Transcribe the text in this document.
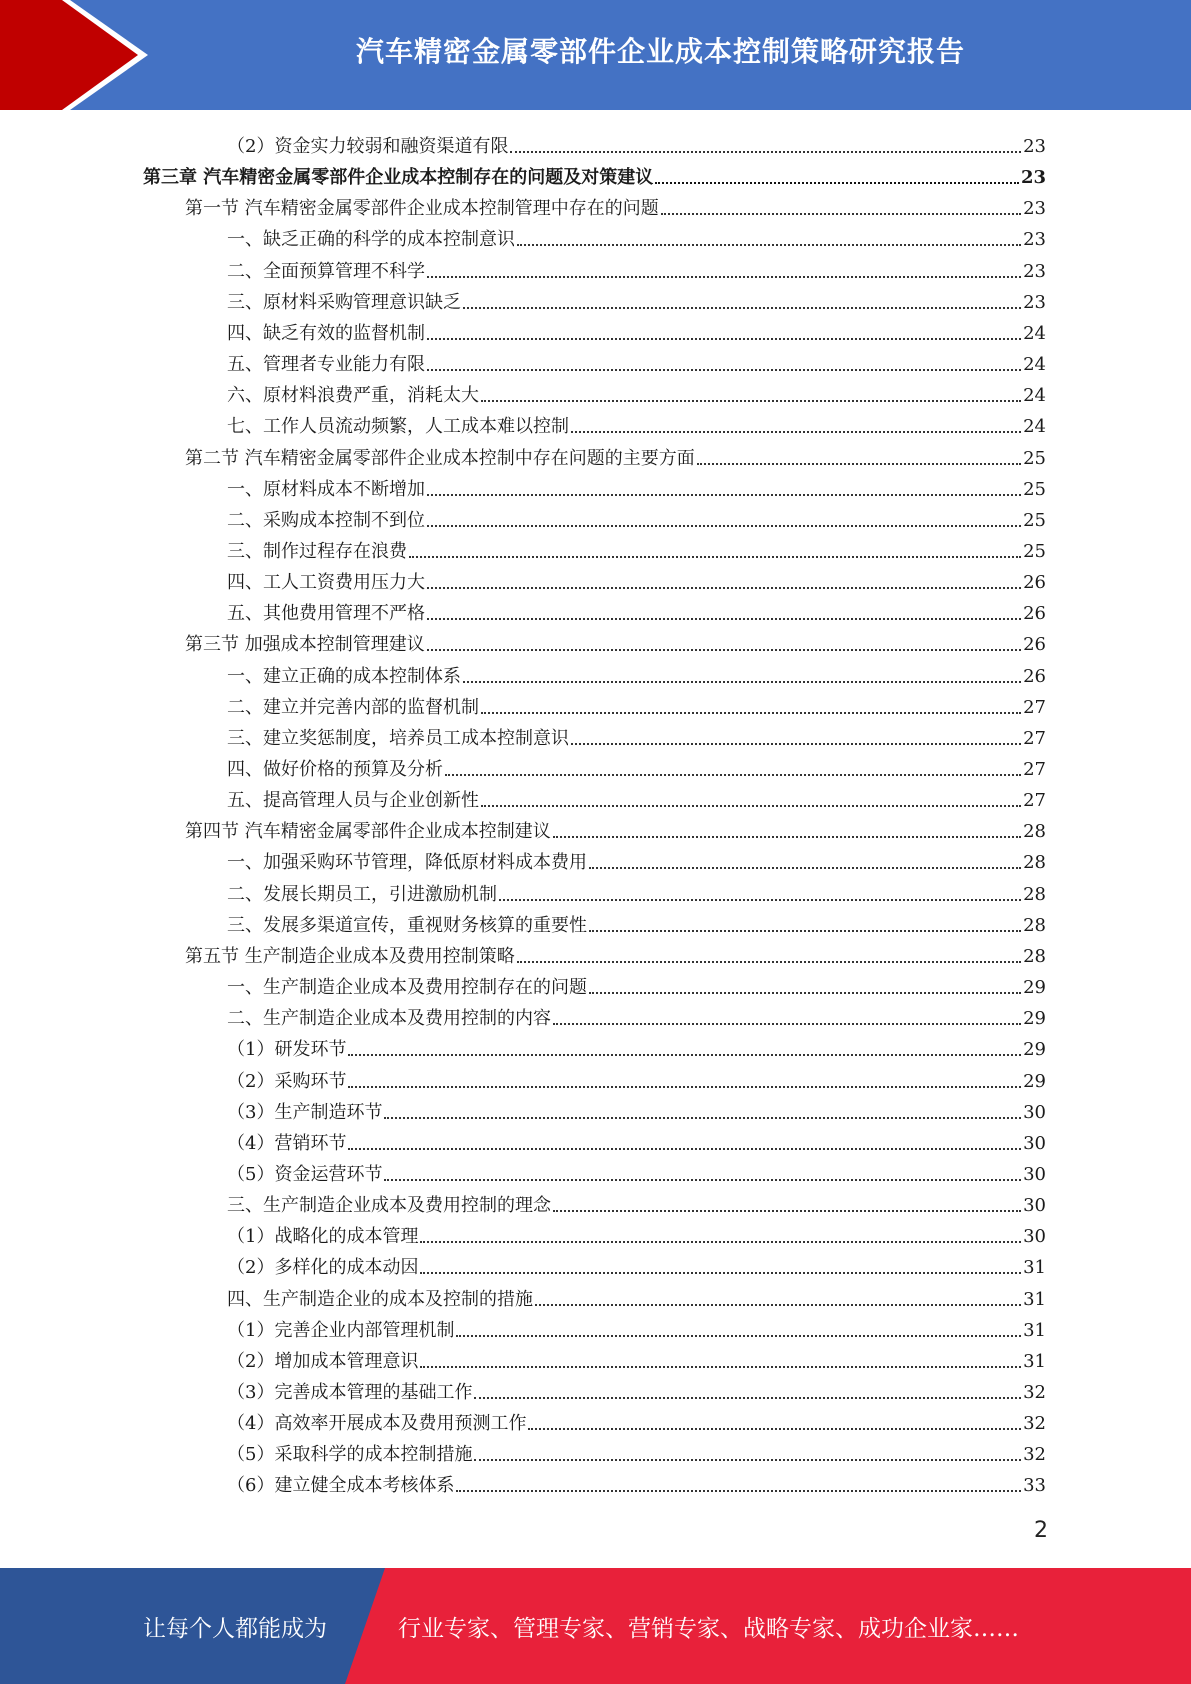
汽车精密金属零部件企业成本控制策略研究报告
（2）资金实力较弱和融资渠道有限	23
第三章 汽车精密金属零部件企业成本控制存在的问题及对策建议	23
第一节 汽车精密金属零部件企业成本控制管理中存在的问题	23
一、缺乏正确的科学的成本控制意识	23
二、全面预算管理不科学	23
三、原材料采购管理意识缺乏	23
四、缺乏有效的监督机制	24
五、管理者专业能力有限	24
六、原材料浪费严重，消耗太大	24
七、工作人员流动频繁，人工成本难以控制	24
第二节 汽车精密金属零部件企业成本控制中存在问题的主要方面	25
一、原材料成本不断增加	25
二、采购成本控制不到位	25
三、制作过程存在浪费	25
四、工人工资费用压力大	26
五、其他费用管理不严格	26
第三节 加强成本控制管理建议	26
一、建立正确的成本控制体系	26
二、建立并完善内部的监督机制	27
三、建立奖惩制度，培养员工成本控制意识	27
四、做好价格的预算及分析	27
五、提高管理人员与企业创新性	27
第四节 汽车精密金属零部件企业成本控制建议	28
一、加强采购环节管理，降低原材料成本费用	28
二、发展长期员工，引进激励机制	28
三、发展多渠道宣传，重视财务核算的重要性	28
第五节 生产制造企业成本及费用控制策略	28
一、生产制造企业成本及费用控制存在的问题	29
二、生产制造企业成本及费用控制的内容	29
（1）研发环节	29
（2）采购环节	29
（3）生产制造环节	30
（4）营销环节	30
（5）资金运营环节	30
三、生产制造企业成本及费用控制的理念	30
（1）战略化的成本管理	30
（2）多样化的成本动因	31
四、生产制造企业的成本及控制的措施	31
（1）完善企业内部管理机制	31
（2）增加成本管理意识	31
（3）完善成本管理的基础工作	32
（4）高效率开展成本及费用预测工作	32
（5）采取科学的成本控制措施	32
（6）建立健全成本考核体系	33
2
让每个人都能成为	行业专家、管理专家、营销专家、战略专家、成功企业家……
